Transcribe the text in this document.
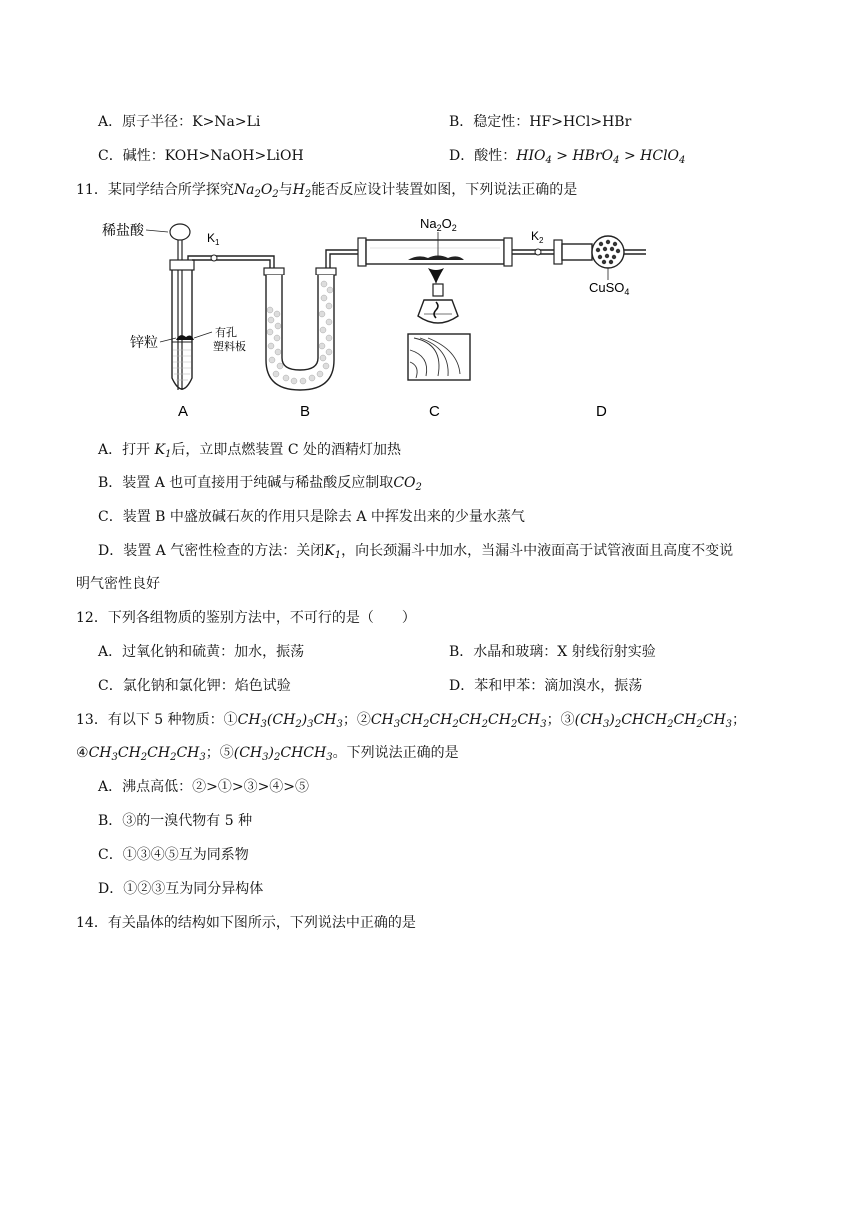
A．原子半径：K>Na>Li	B．稳定性：HF>HCl>HBr
C．碱性：KOH>NaOH>LiOH	D．酸性：$HIO_4$ > HBrO$_4$ > HClO$_4$
11．某同学结合所学探究$Na_2O_2$与$H_2$能否反应设计装置如图，下列说法正确的是
稀盐酸
锌粒
有孔
塑料板
$K_1$
$Na_2O_2$
$K_2$
CuSO$_4$
A	B	C	D
A．打开 $K_1$后，立即点燃装置 C 处的酒精灯加热
B．装置 A 也可直接用于纯碱与稀盐酸反应制取$CO_2$
C．装置 B 中盛放碱石灰的作用只是除去 A 中挥发出来的少量水蒸气
D．装置 A 气密性检查的方法：关闭$K_1$，向长颈漏斗中加水，当漏斗中液面高于试管液面且高度不变说
明气密性良好
12．下列各组物质的鉴别方法中，不可行的是（　　）
A．过氧化钠和硫黄：加水，振荡	B．水晶和玻璃：X 射线衍射实验
C．氯化钠和氯化钾：焰色试验	D．苯和甲苯：滴加溴水，振荡
13．有以下 5 种物质：$①CH_3(CH_2)_3CH_3$；$②CH_3CH_2CH_2CH_2CH_2CH_3$；$③(CH_3)_2CHCH_2CH_2CH_3$；
$④CH_3CH_2CH_2CH_3$；$⑤(CH_3)_2CHCH_3$。下列说法正确的是
A．沸点高低：②>①>③>④>⑤
B．③的一溴代物有 5 种
C．①③④⑤互为同系物
D．①②③互为同分异构体
14．有关晶体的结构如下图所示，下列说法中正确的是
